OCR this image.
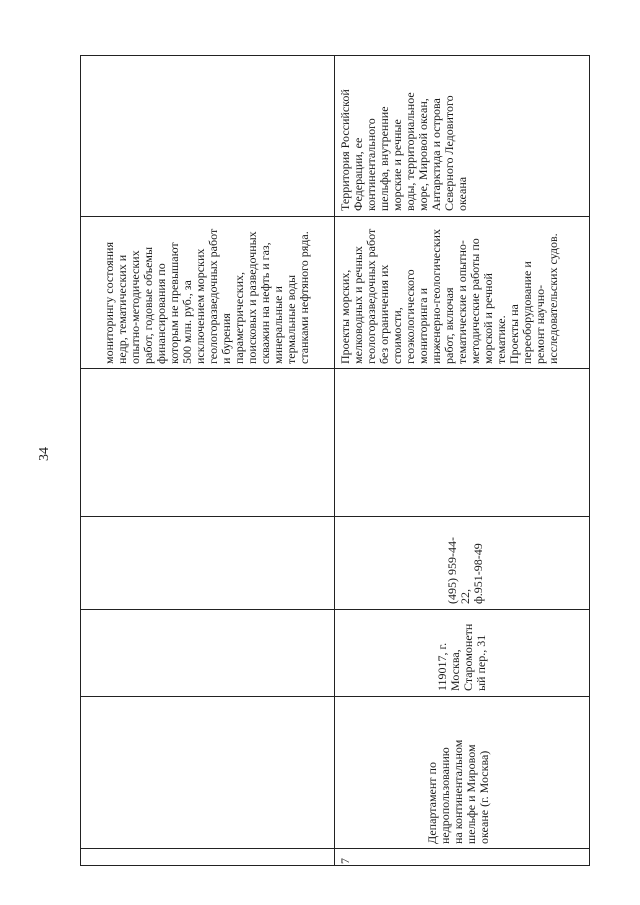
34
мониторингу состояния
недр, тематических и
опытно-методических
работ, годовые объемы
финансирования по
которым не превышают
500 млн. руб., за
исключением морских
геологоразведочных работ
и бурения
параметрических,
поисковых и разведочных
скважин на нефть и газ,
минеральные и
термальные воды
станками нефтяного ряда.
7
Департамент по
недропользованию
на континентальном
шельфе и Мировом
океане (г. Москва)
119017, г.
Москва,
Старомонетн
ый пер., 31
(495) 959-44-
22,
ф.951-98-49
Проекты морских,
мелководных и речных
геологоразведочных работ
без ограничения их
стоимости,
геоэкологического
мониторинга и
инженерно-геологических
работ, включая
тематические и опытно-
методические работы по
морской и речной
тематике.
Проекты на
переоборудование и
ремонт научно-
исследовательских судов.
Территория Российской
Федерации, ее
континентального
шельфа, внутренние
морские и речные
воды, территориальное
море, Мировой океан,
Антарктида и острова
Северного Ледовитого
океана
